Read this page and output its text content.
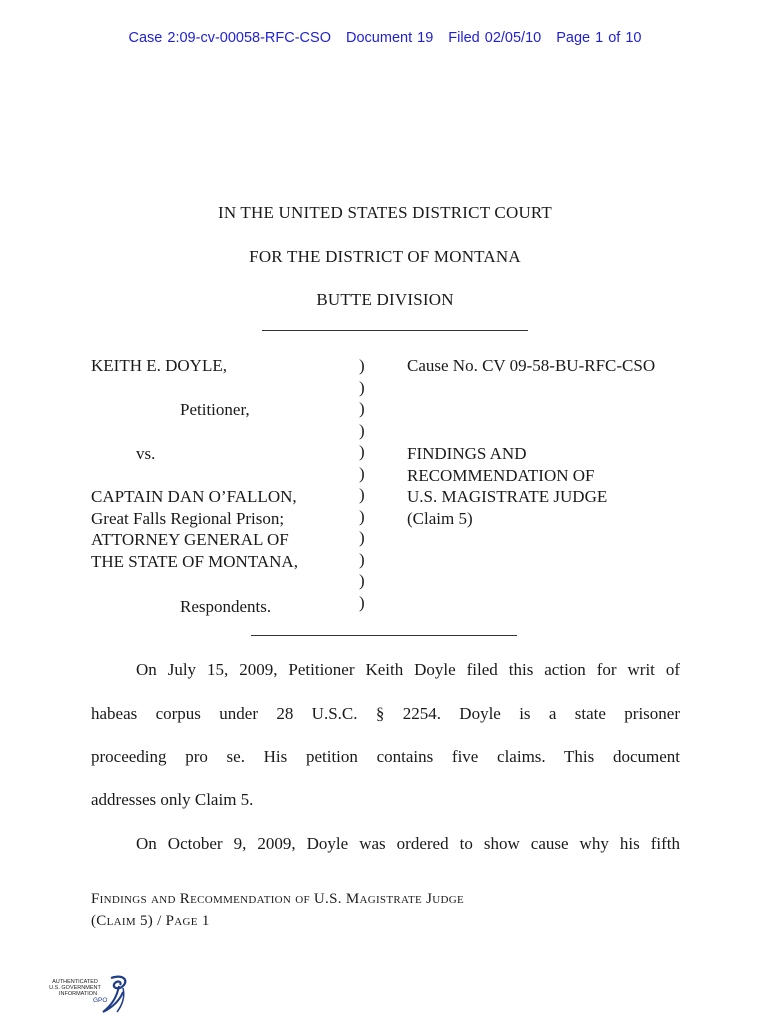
Case 2:09-cv-00058-RFC-CSO Document 19 Filed 02/05/10 Page 1 of 10
IN THE UNITED STATES DISTRICT COURT
FOR THE DISTRICT OF MONTANA
BUTTE DIVISION
KEITH E. DOYLE,
Petitioner,
vs.
CAPTAIN DAN O’FALLON,
Great Falls Regional Prison;
ATTORNEY GENERAL OF
THE STATE OF MONTANA,
Respondents.
)
)
)
)
)
)
)
)
)
)
)
)
Cause No. CV 09-58-BU-RFC-CSO
FINDINGS AND
RECOMMENDATION OF
U.S. MAGISTRATE JUDGE
(Claim 5)
On July 15, 2009, Petitioner Keith Doyle filed this action for writ of
habeas corpus under 28 U.S.C. § 2254. Doyle is a state prisoner
proceeding pro se. His petition contains five claims. This document
addresses only Claim 5.
On October 9, 2009, Doyle was ordered to show cause why his fifth
Findings and Recommendation of U.S. Magistrate Judge
(Claim 5) / Page 1
AUTHENTICATED
U.S. GOVERNMENT
INFORMATION
GPO
